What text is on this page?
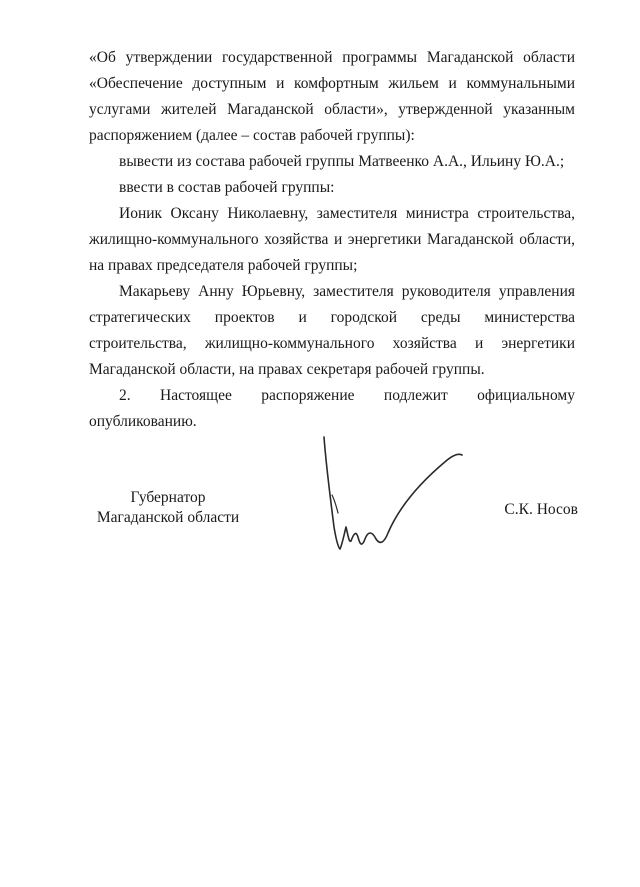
«Об утверждении государственной программы Магаданской области «Обеспечение доступным и комфортным жильем и коммунальными услугами жителей Магаданской области», утвержденной указанным распоряжением (далее – состав рабочей группы):

вывести из состава рабочей группы Матвеенко А.А., Ильину Ю.А.;

ввести в состав рабочей группы:

Ионик Оксану Николаевну, заместителя министра строительства, жилищно-коммунального хозяйства и энергетики Магаданской области, на правах председателя рабочей группы;

Макарьеву Анну Юрьевну, заместителя руководителя управления стратегических проектов и городской среды министерства строительства, жилищно-коммунального хозяйства и энергетики Магаданской области, на правах секретаря рабочей группы.

2. Настоящее распоряжение подлежит официальному опубликованию.

Губернатор
Магаданской области	С.К. Носов
